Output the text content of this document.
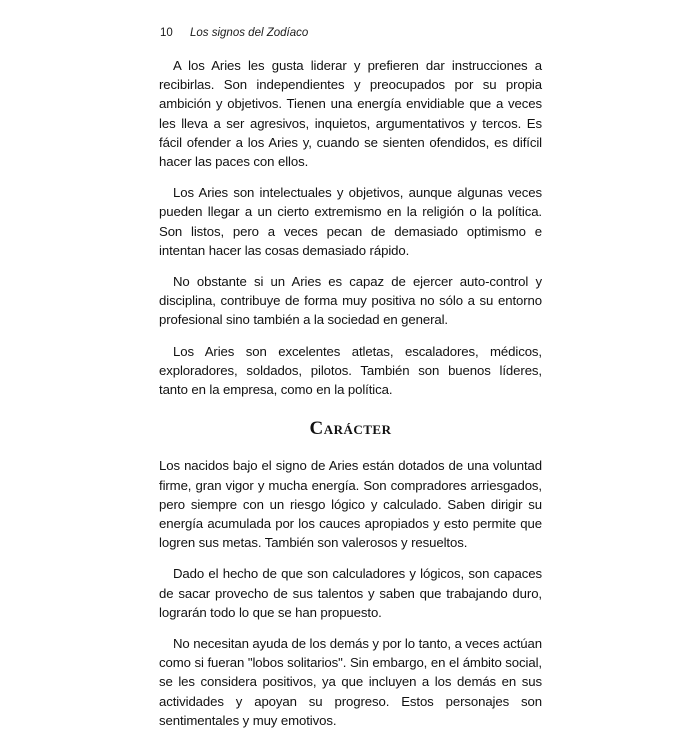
10 Los signos del Zodíaco

A los Aries les gusta liderar y prefieren dar instrucciones a recibirlas. Son independientes y preocupados por su propia ambición y objetivos. Tienen una energía envidiable que a veces les lleva a ser agresivos, inquietos, argumentativos y tercos. Es fácil ofender a los Aries y, cuando se sienten ofendidos, es difícil hacer las paces con ellos.

Los Aries son intelectuales y objetivos, aunque algunas veces pueden llegar a un cierto extremismo en la religión o la política. Son listos, pero a veces pecan de demasiado optimismo e intentan hacer las cosas demasiado rápido.

No obstante si un Aries es capaz de ejercer auto-control y disciplina, contribuye de forma muy positiva no sólo a su entorno profesional sino también a la sociedad en general.

Los Aries son excelentes atletas, escaladores, médicos, exploradores, soldados, pilotos. También son buenos líderes, tanto en la empresa, como en la política.

Carácter

Los nacidos bajo el signo de Aries están dotados de una voluntad firme, gran vigor y mucha energía. Son compradores arriesgados, pero siempre con un riesgo lógico y calculado. Saben dirigir su energía acumulada por los cauces apropiados y esto permite que logren sus metas. También son valerosos y resueltos.

Dado el hecho de que son calculadores y lógicos, son capaces de sacar provecho de sus talentos y saben que trabajando duro, lograrán todo lo que se han propuesto.

No necesitan ayuda de los demás y por lo tanto, a veces actúan como si fueran "lobos solitarios". Sin embargo, en el ámbito social, se les considera positivos, ya que incluyen a los demás en sus actividades y apoyan su progreso. Estos personajes son sentimentales y muy emotivos.
